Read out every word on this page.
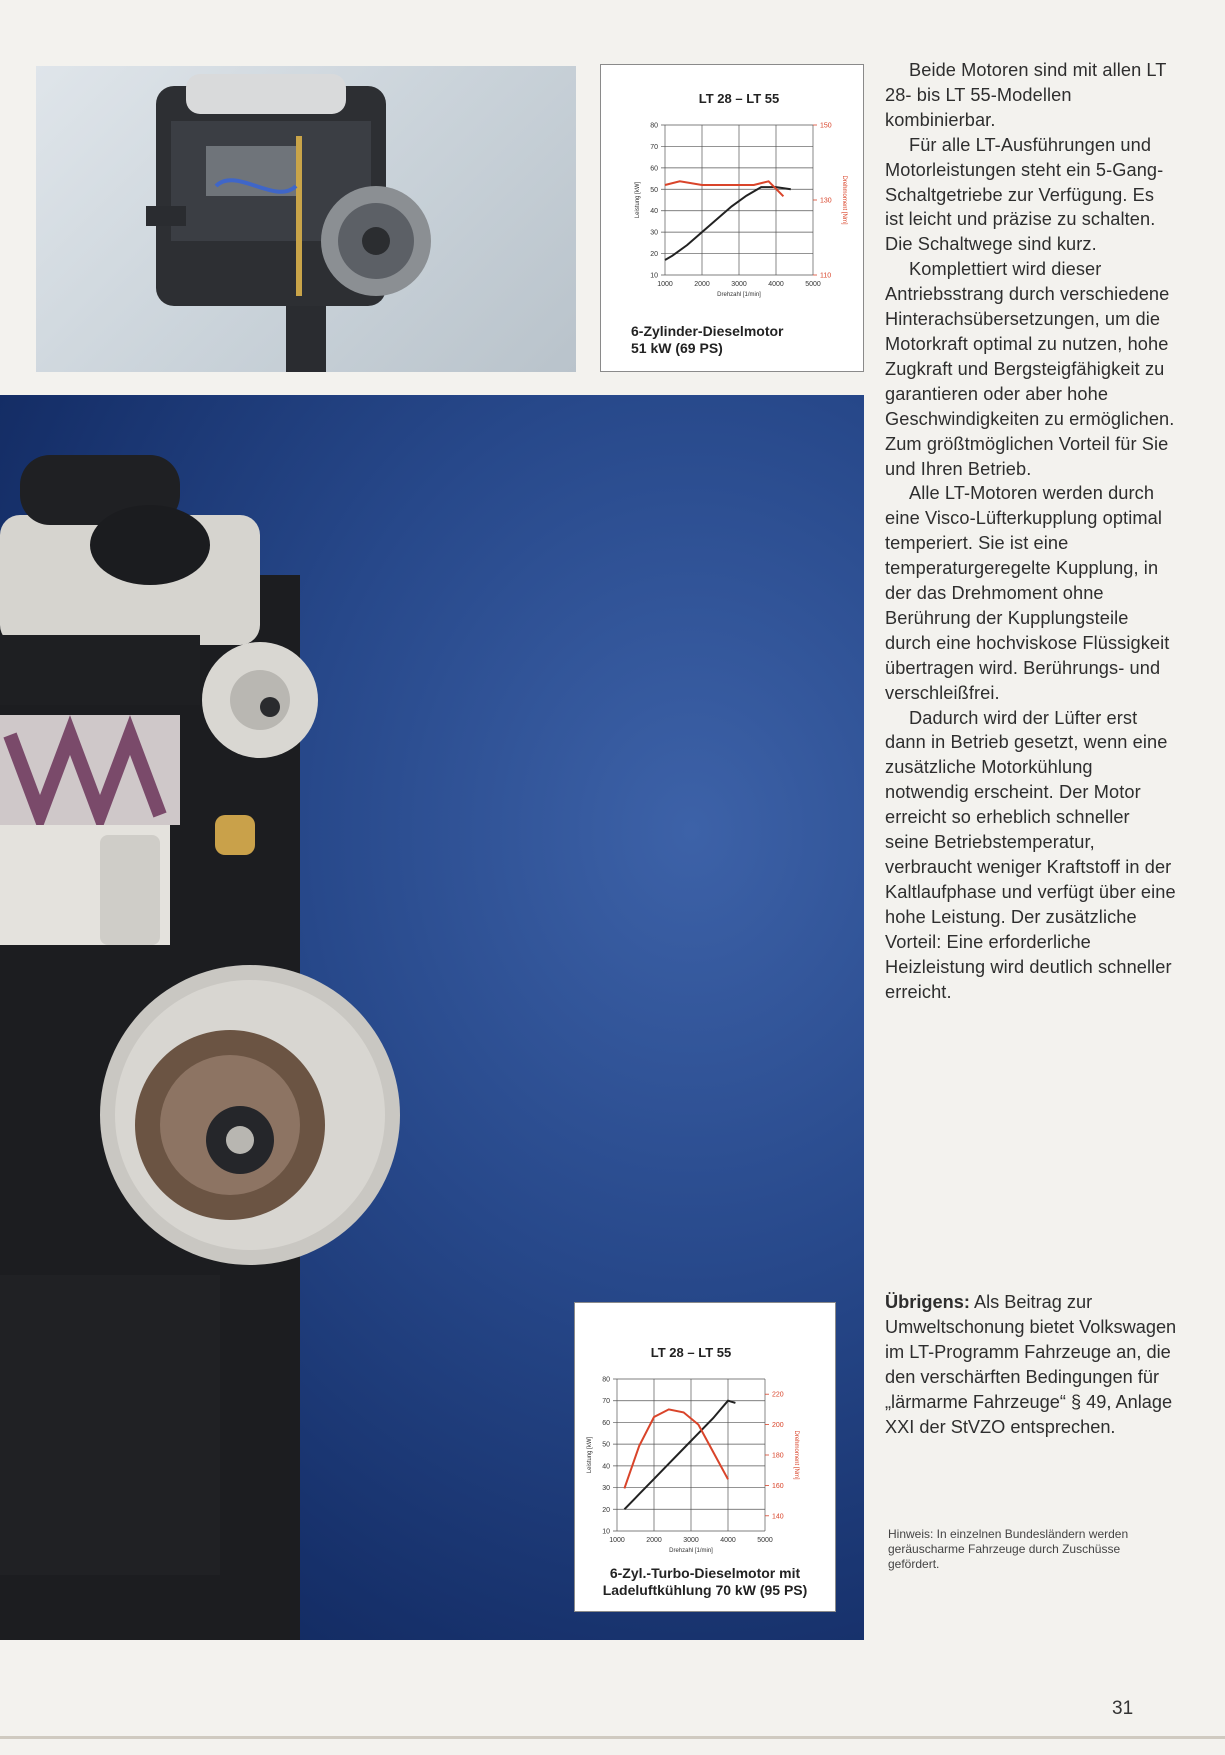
LT 28 – LT 55
1000	2000	3000	4000	5000
10
20
30
40
50
60
70
80	150
130
110
Drehzahl [1/min]
Leistung [kW]	Drehmoment [Nm]
6-Zylinder-Dieselmotor
51 kW (69 PS)
LT 28 – LT 55
1000	2000	3000	4000	5000
10
20
30
40
50
60
70
80
220
200
180
160
140
Drehzahl [1/min]
Leistung [kW]	Drehmoment [Nm]
6-Zyl.-Turbo-Dieselmotor mit
Ladeluftkühlung 70 kW (95 PS)

Beide Motoren sind mit allen LT 28- bis LT 55-Modellen kombinierbar.

Für alle LT-Ausführungen und Motorleistungen steht ein 5-Gang-Schaltgetriebe zur Verfügung. Es ist leicht und präzise zu schalten. Die Schaltwege sind kurz.

Komplettiert wird dieser Antriebsstrang durch verschiedene Hinterachsübersetzungen, um die Motorkraft optimal zu nutzen, hohe Zugkraft und Bergsteigfähigkeit zu garantieren oder aber hohe Geschwindigkeiten zu ermöglichen. Zum größtmöglichen Vorteil für Sie und Ihren Betrieb.

Alle LT-Motoren werden durch eine Visco-Lüfterkupplung optimal temperiert. Sie ist eine temperaturgeregelte Kupplung, in der das Drehmoment ohne Berührung der Kupplungsteile durch eine hochviskose Flüssigkeit übertragen wird. Berührungs- und verschleißfrei.

Dadurch wird der Lüfter erst dann in Betrieb gesetzt, wenn eine zusätzliche Motorkühlung notwendig erscheint. Der Motor erreicht so erheblich schneller seine Betriebstemperatur, verbraucht weniger Kraftstoff in der Kaltlaufphase und verfügt über eine hohe Leistung. Der zusätzliche Vorteil: Eine erforderliche Heizleistung wird deutlich schneller erreicht.

Übrigens: Als Beitrag zur Umweltschonung bietet Volkswagen im LT-Programm Fahrzeuge an, die den verschärften Bedingungen für „lärmarme Fahrzeuge“ § 49, Anlage XXI der StVZO entsprechen.
Hinweis: In einzelnen Bundesländern werden geräuscharme Fahrzeuge durch Zuschüsse gefördert.
31
